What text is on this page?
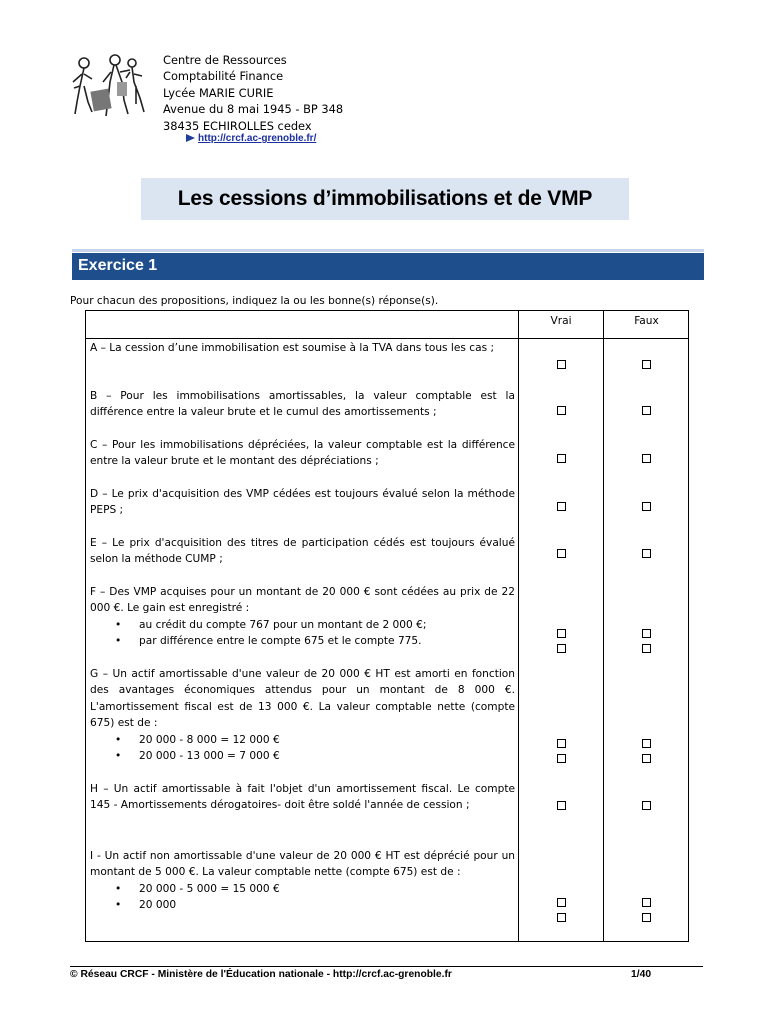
Centre de Ressources
Comptabilité Finance
Lycée MARIE CURIE
Avenue du 8 mai 1945 - BP 348
38435 ECHIROLLES cedex
http://crcf.ac-grenoble.fr/
Les cessions d’immobilisations et de VMP
Exercice 1
Pour chacun des propositions, indiquez la ou les bonne(s) réponse(s).
Vrai	Faux
A – La cession d’une immobilisation est soumise à la TVA dans tous les cas ;
B – Pour les immobilisations amortissables, la valeur comptable est la différence entre la valeur brute et le cumul des amortissements ;
C – Pour les immobilisations dépréciées, la valeur comptable est la différence entre la valeur brute et le montant des dépréciations ;
D – Le prix d'acquisition des VMP cédées est toujours évalué selon la méthode PEPS ;
E – Le prix d'acquisition des titres de participation cédés est toujours évalué selon la méthode CUMP ;
F – Des VMP acquises pour un montant de 20 000 € sont cédées au prix de 22 000 €. Le gain est enregistré :
• au crédit du compte 767 pour un montant de 2 000 €;
• par différence entre le compte 675 et le compte 775.
G – Un actif amortissable d'une valeur de 20 000 € HT est amorti en fonction des avantages économiques attendus pour un montant de 8 000 €. L'amortissement fiscal est de 13 000 €. La valeur comptable nette (compte 675) est de :
• 20 000 - 8 000 = 12 000 €
• 20 000 - 13 000 = 7 000 €
H – Un actif amortissable à fait l'objet d'un amortissement fiscal. Le compte 145 - Amortissements dérogatoires- doit être soldé l'année de cession ;
I - Un actif non amortissable d'une valeur de 20 000 € HT est déprécié pour un montant de 5 000 €. La valeur comptable nette (compte 675) est de :
• 20 000 - 5 000 = 15 000 €
• 20 000
© Réseau CRCF - Ministère de l'Éducation nationale - http://crcf.ac-grenoble.fr	1/40
